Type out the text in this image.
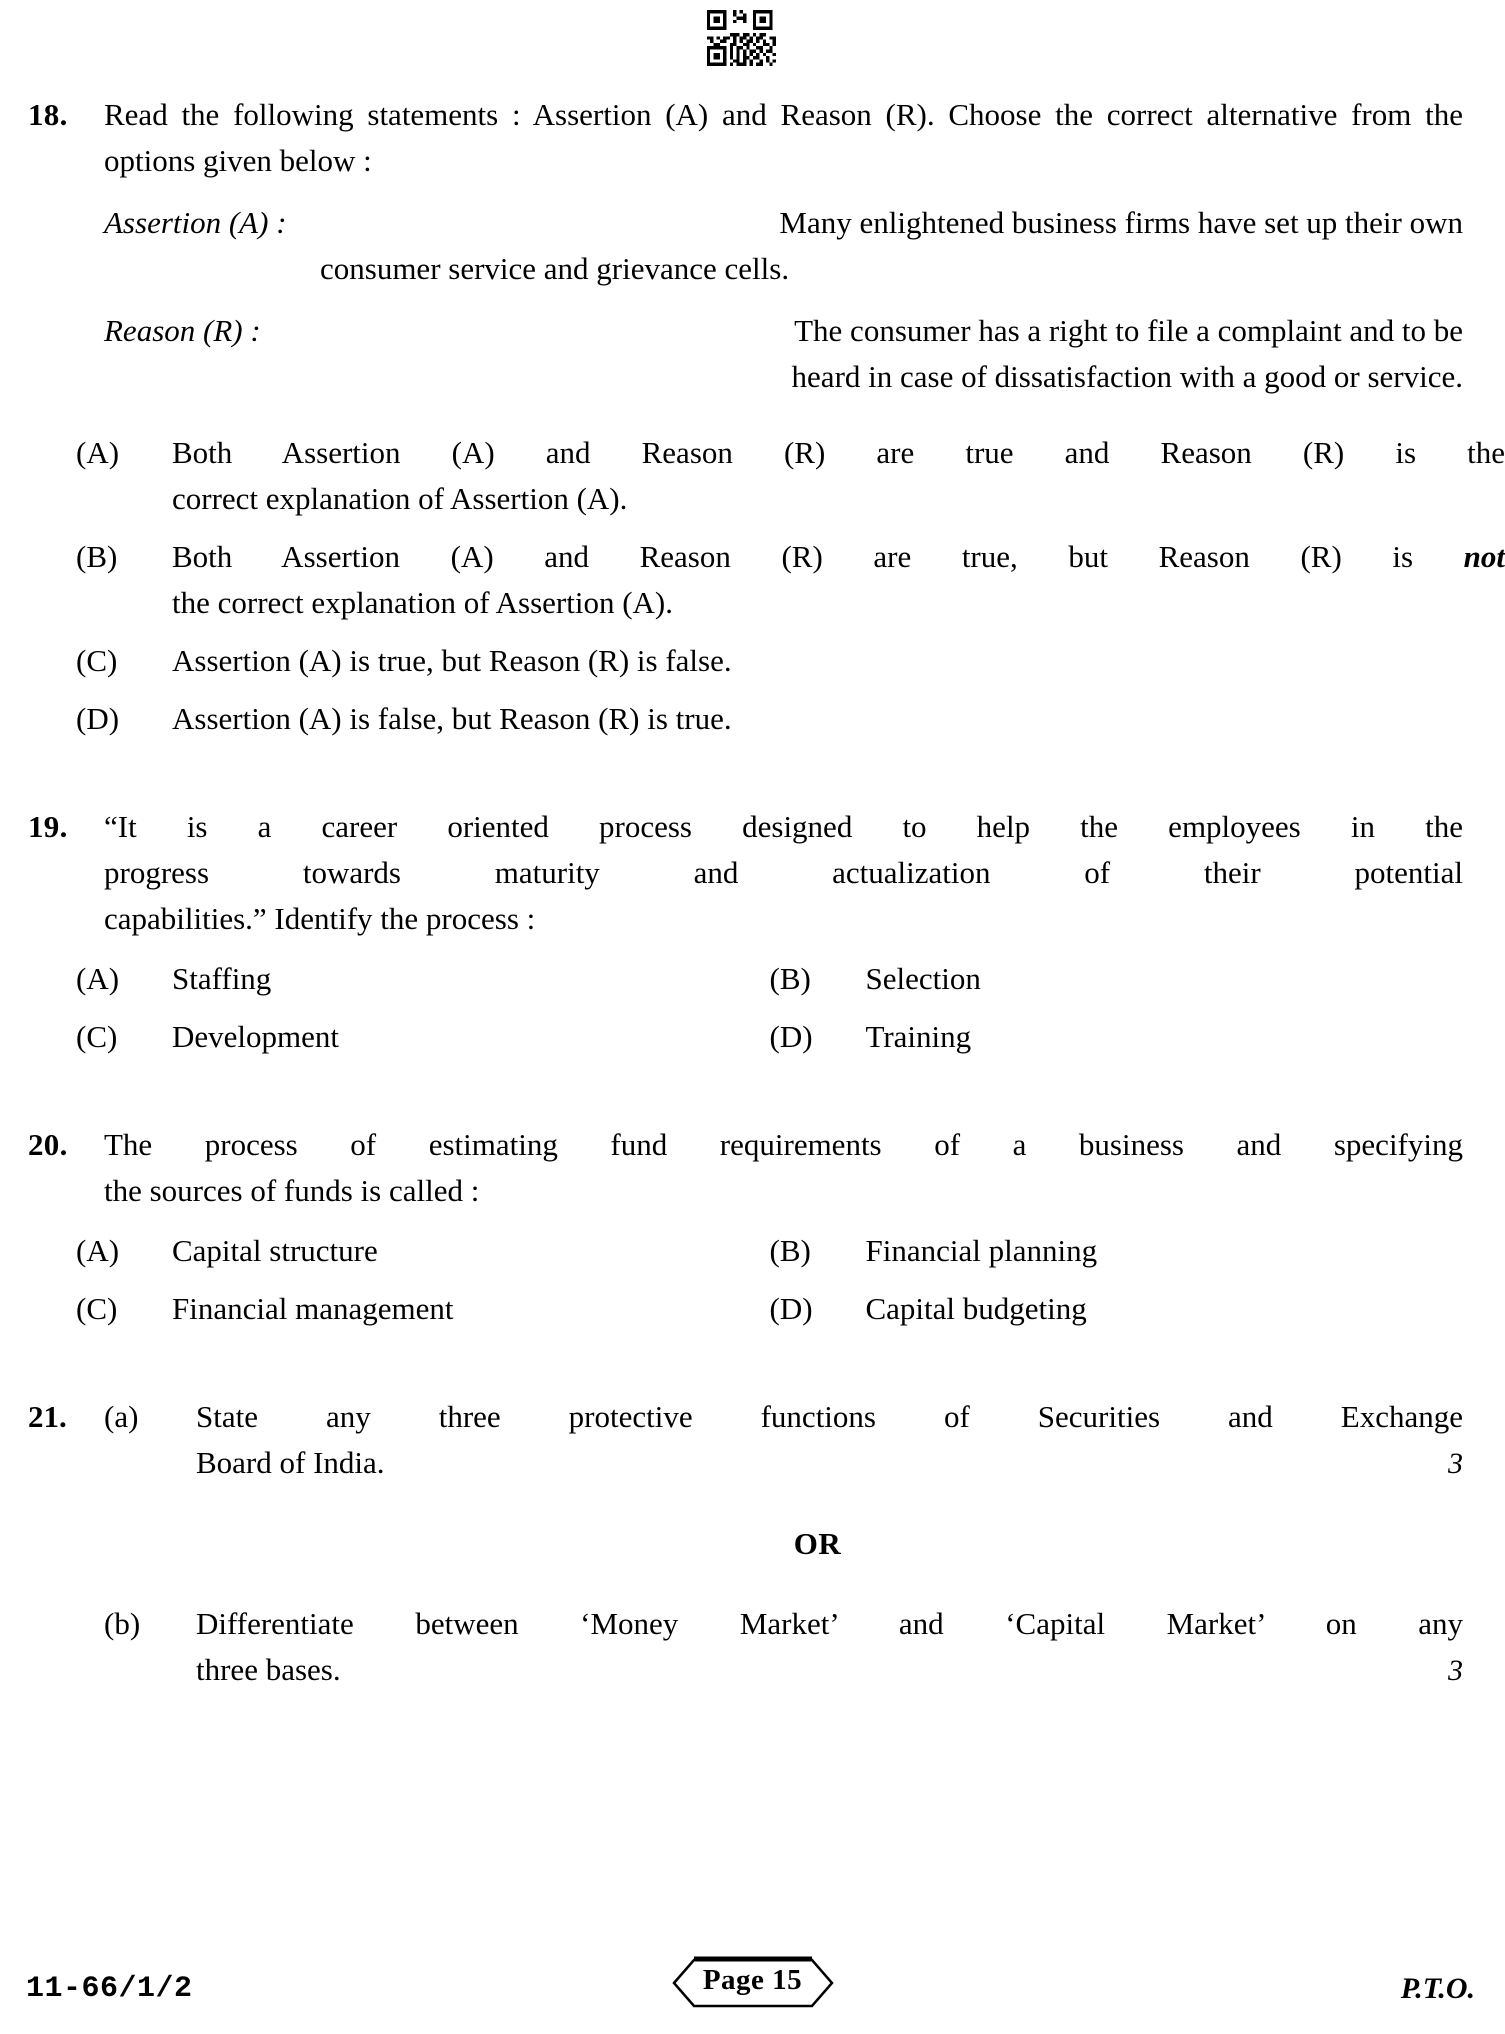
18.	Read the following statements : Assertion (A) and Reason (R). Choose the correct alternative from the options given below :
Assertion (A) :	Many enlightened business firms have set up their own
consumer service and grievance cells.
Reason (R) :	The consumer has a right to file a complaint and to be
heard in case of dissatisfaction with a good or service.
(A)	Both Assertion (A) and Reason (R) are true and Reason (R) is the
correct explanation of Assertion (A).
(B)	Both Assertion (A) and Reason (R) are true, but Reason (R) is not
the correct explanation of Assertion (A).
(C)	Assertion (A) is true, but Reason (R) is false.
(D)	Assertion (A) is false, but Reason (R) is true.
19.	“It is a career oriented process designed to help the employees in the
progress towards maturity and actualization of their potential
capabilities.” Identify the process :
(A)	Staffing	(B)	Selection
(C)	Development	(D)	Training
20.	The process of estimating fund requirements of a business and specifying
the sources of funds is called :
(A)	Capital structure	(B)	Financial planning
(C)	Financial management	(D)	Capital budgeting
21.	(a)	State any three protective functions of Securities and Exchange
Board of India.	3
OR
(b)	Differentiate between ‘Money Market’ and ‘Capital Market’ on any
three bases.	3
11-66/1/2	Page 15	P.T.O.
